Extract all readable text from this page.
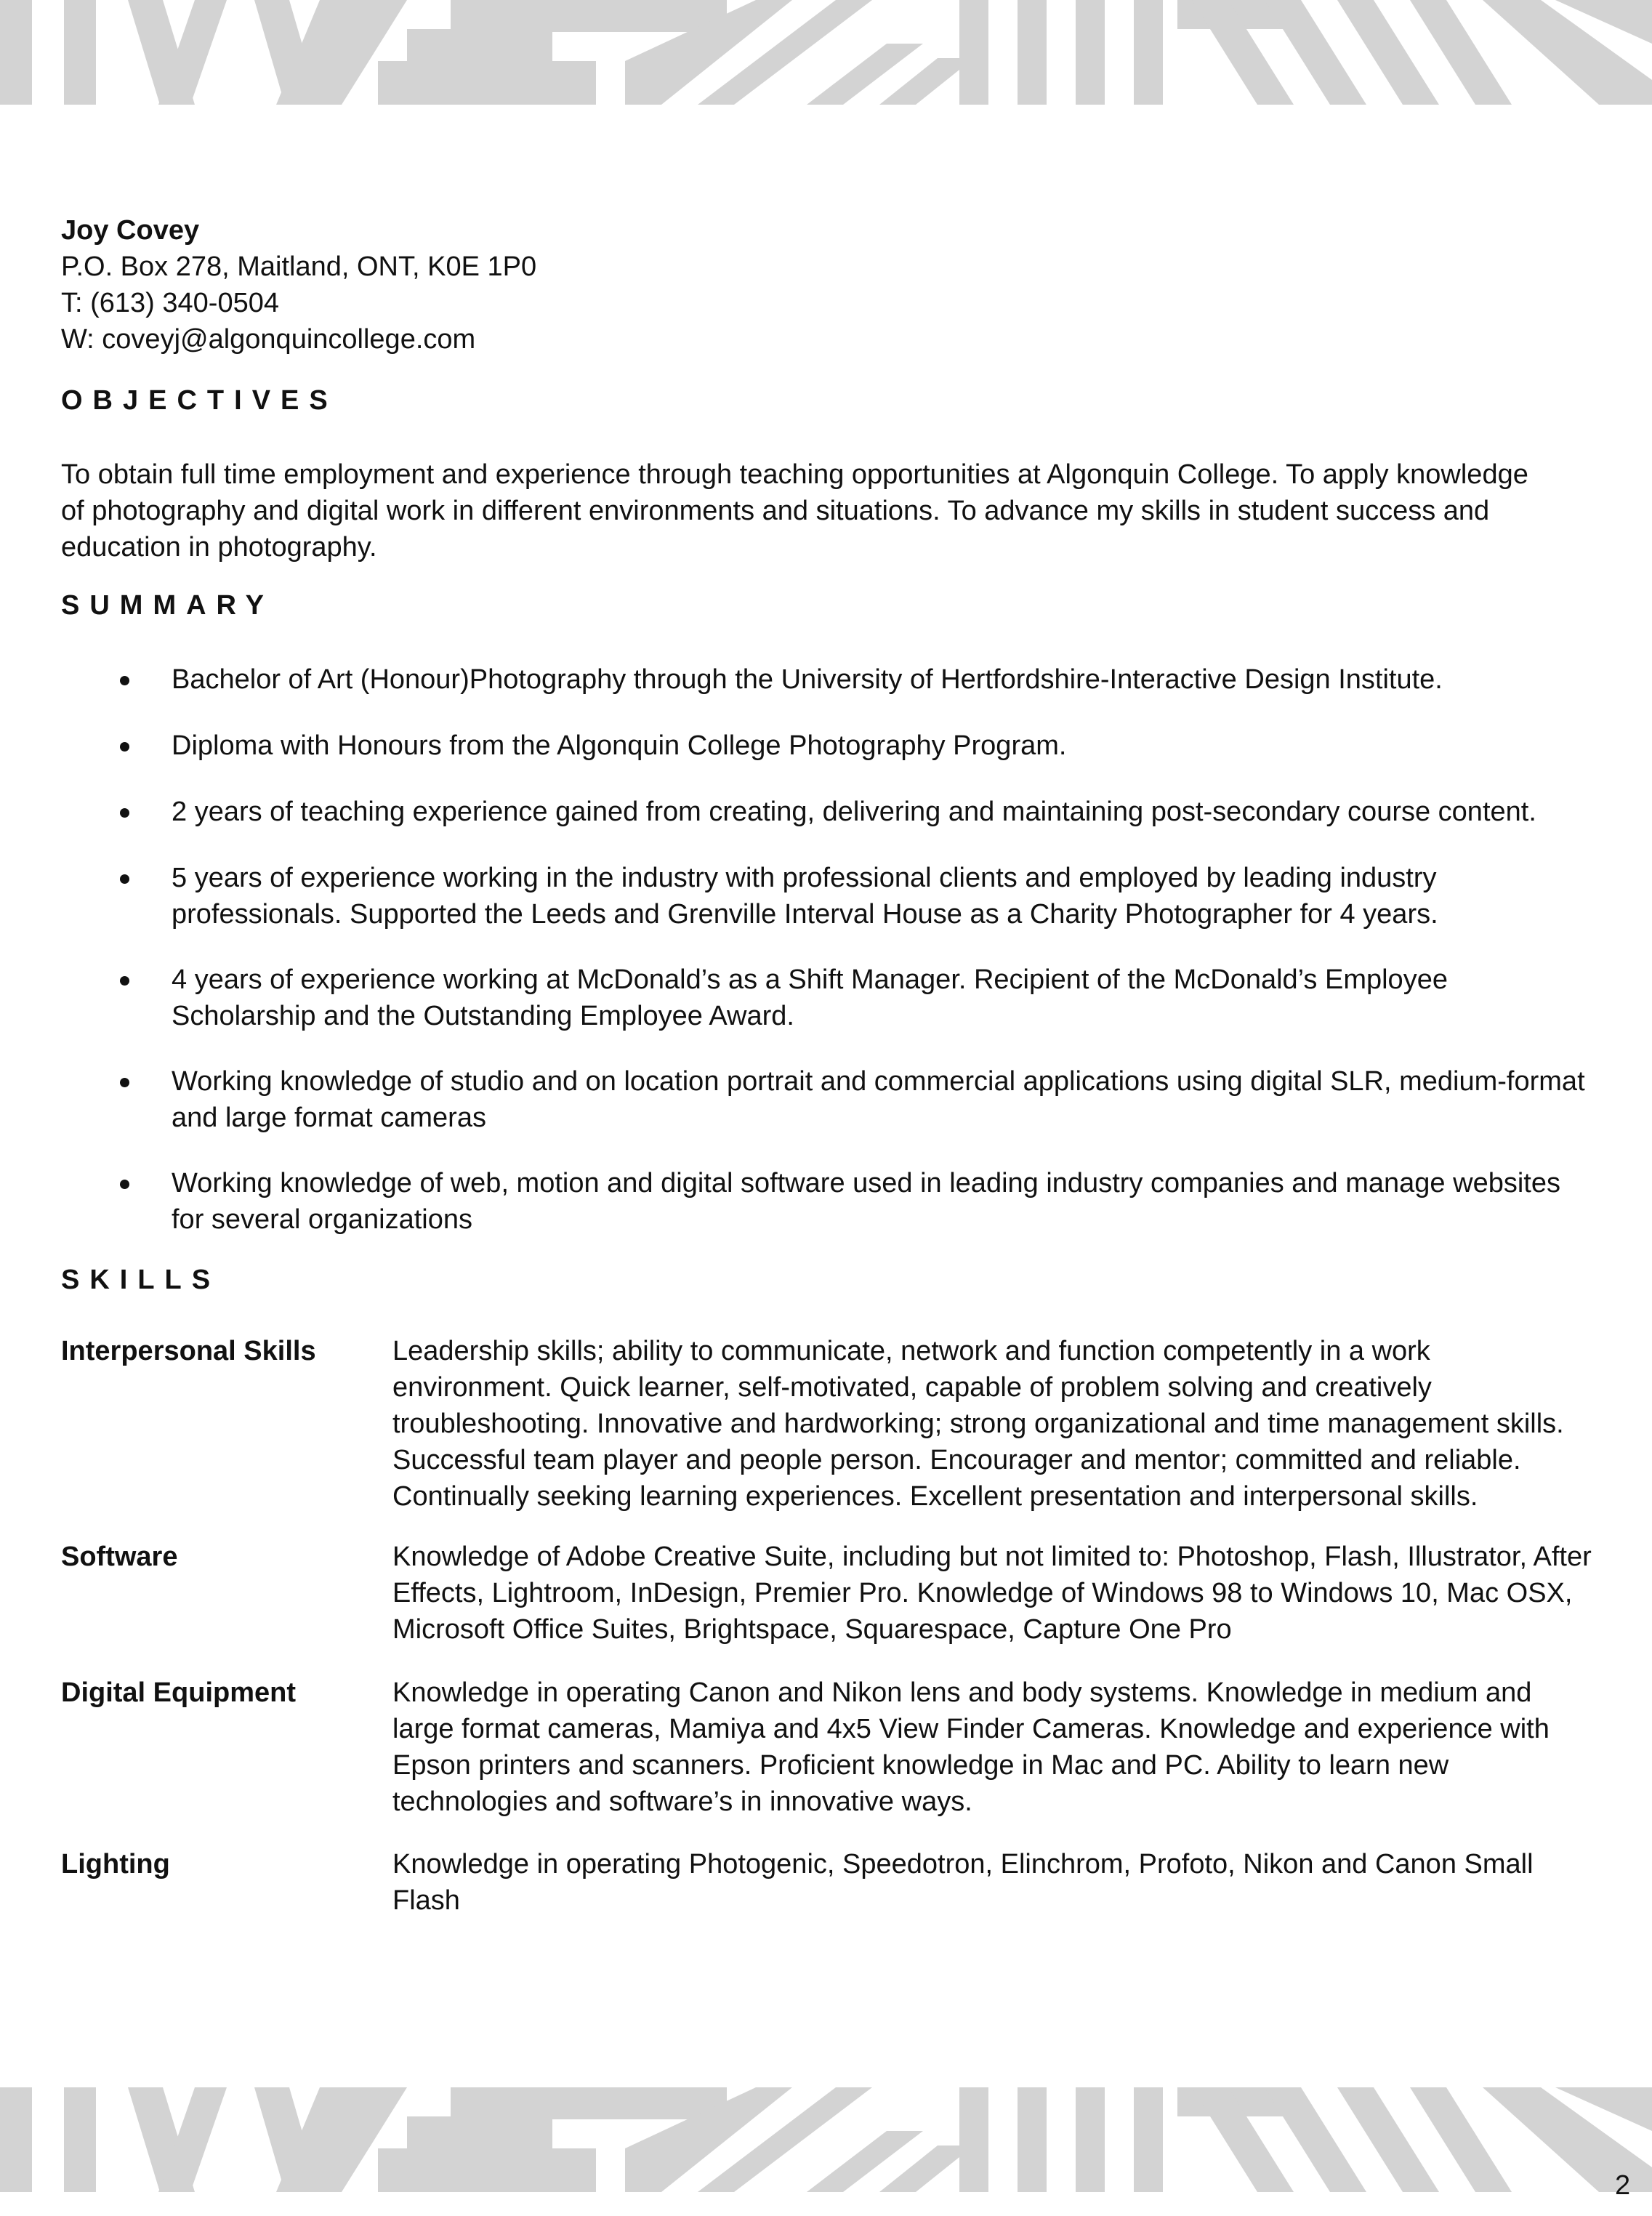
Joy Covey
P.O. Box 278, Maitland, ONT, K0E 1P0
T: (613) 340-0504
W: coveyj@algonquincollege.com
OBJECTIVES
To obtain full time employment and experience through teaching opportunities at Algonquin College. To apply knowledge
of photography and digital work in different environments and situations. To advance my skills in student success and
education in photography.
SUMMARY
Bachelor of Art (Honour)Photography through the University of Hertfordshire-Interactive Design Institute.
Diploma with Honours from the Algonquin College Photography Program.
2 years of teaching experience gained from creating, delivering and maintaining post-secondary course content.
5 years of experience working in the industry with professional clients and employed by leading industry professionals. Supported the Leeds and Grenville Interval House as a Charity Photographer for 4 years.
4 years of experience working at McDonald’s as a Shift Manager. Recipient of the McDonald’s Employee Scholarship and the Outstanding Employee Award.
Working knowledge of studio and on location portrait and commercial applications using digital SLR, medium-format and large format cameras
Working knowledge of web, motion and digital software used in leading industry companies and manage websites for several organizations
SKILLS
Interpersonal Skills	Leadership skills; ability to communicate, network and function competently in a work environment. Quick learner, self-motivated, capable of problem solving and creatively troubleshooting. Innovative and hardworking; strong organizational and time management skills. Successful team player and people person. Encourager and mentor; committed and reliable. Continually seeking learning experiences. Excellent presentation and interpersonal skills.
Software	Knowledge of Adobe Creative Suite, including but not limited to: Photoshop, Flash, Illustrator, After Effects, Lightroom, InDesign, Premier Pro. Knowledge of Windows 98 to Windows 10, Mac OSX, Microsoft Office Suites, Brightspace, Squarespace, Capture One Pro
Digital Equipment	Knowledge in operating Canon and Nikon lens and body systems. Knowledge in medium and large format cameras, Mamiya and 4x5 View Finder Cameras. Knowledge and experience with Epson printers and scanners. Proficient knowledge in Mac and PC. Ability to learn new technologies and software’s in innovative ways.
Lighting	Knowledge in operating Photogenic, Speedotron, Elinchrom, Profoto, Nikon and Canon Small Flash
2
